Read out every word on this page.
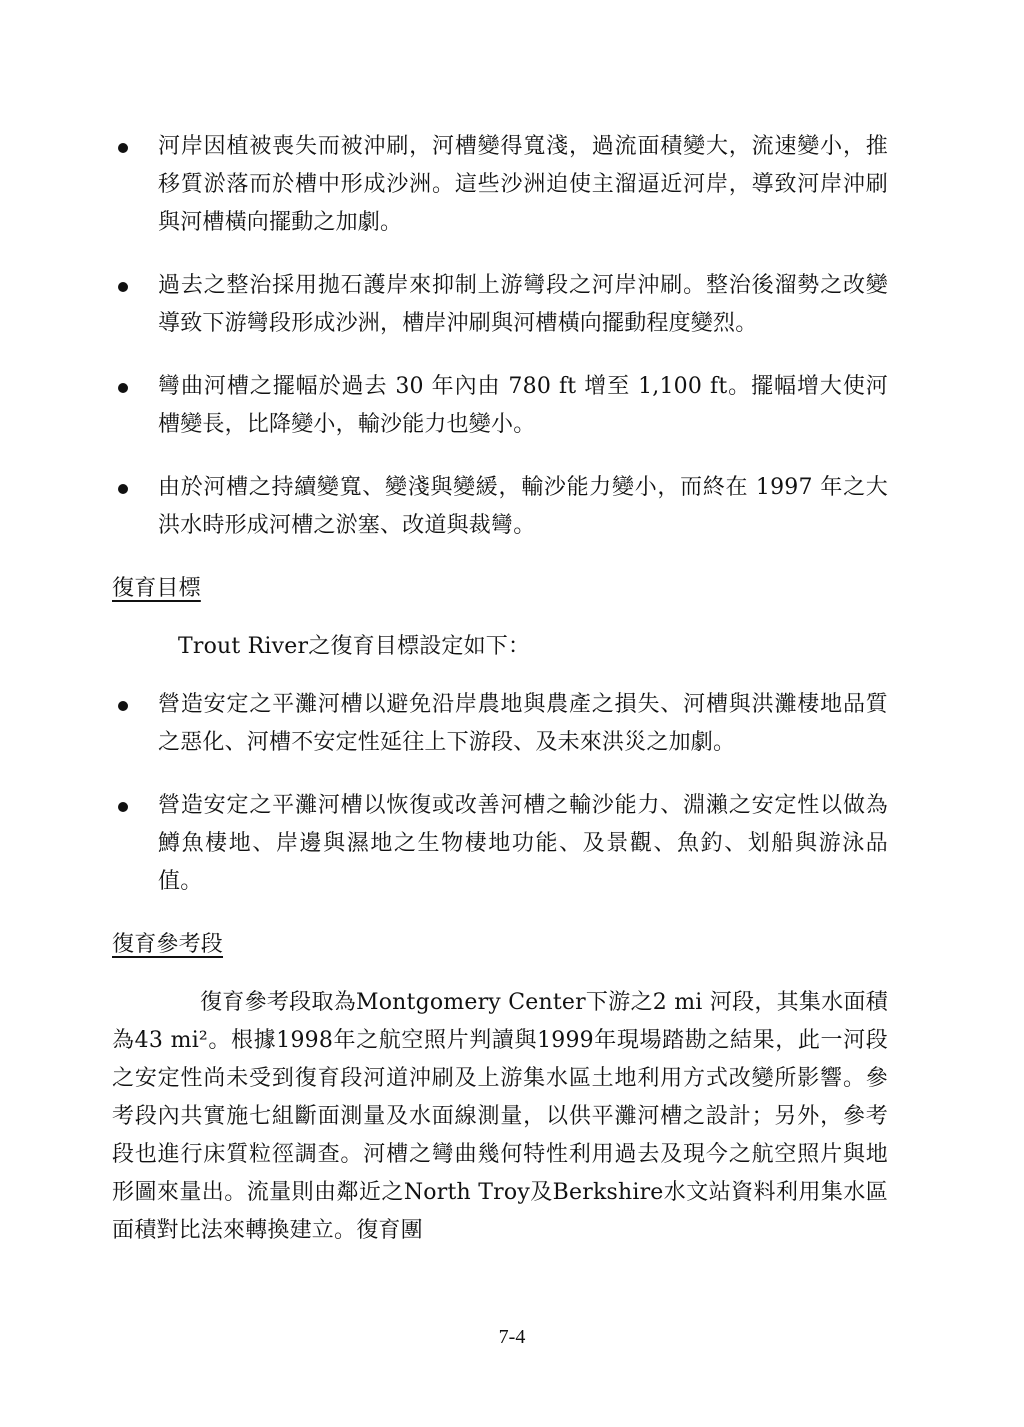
河岸因植被喪失而被沖刷，河槽變得寬淺，過流面積變大，流速變小，推移質淤落而於槽中形成沙洲。這些沙洲迫使主溜逼近河岸，導致河岸沖刷與河槽橫向擺動之加劇。
過去之整治採用拋石護岸來抑制上游彎段之河岸沖刷。整治後溜勢之改變導致下游彎段形成沙洲，槽岸沖刷與河槽橫向擺動程度變烈。
彎曲河槽之擺幅於過去 30 年內由 780 ft 增至 1,100 ft。擺幅增大使河槽變長，比降變小，輸沙能力也變小。
由於河槽之持續變寬、變淺與變緩，輸沙能力變小，而終在 1997 年之大洪水時形成河槽之淤塞、改道與裁彎。
復育目標
Trout River之復育目標設定如下：
營造安定之平灘河槽以避免沿岸農地與農產之損失、河槽與洪灘棲地品質之惡化、河槽不安定性延往上下游段、及未來洪災之加劇。
營造安定之平灘河槽以恢復或改善河槽之輸沙能力、淵瀨之安定性以做為鱒魚棲地、岸邊與濕地之生物棲地功能、及景觀、魚釣、划船與游泳品值。
復育參考段
復育參考段取為Montgomery Center下游之2 mi 河段，其集水面積為43 mi²。根據1998年之航空照片判讀與1999年現場踏勘之結果，此一河段之安定性尚未受到復育段河道沖刷及上游集水區土地利用方式改變所影響。參考段內共實施七組斷面測量及水面線測量，以供平灘河槽之設計；另外，參考段也進行床質粒徑調查。河槽之彎曲幾何特性利用過去及現今之航空照片與地形圖來量出。流量則由鄰近之North Troy及Berkshire水文站資料利用集水區面積對比法來轉換建立。復育團
7-4
